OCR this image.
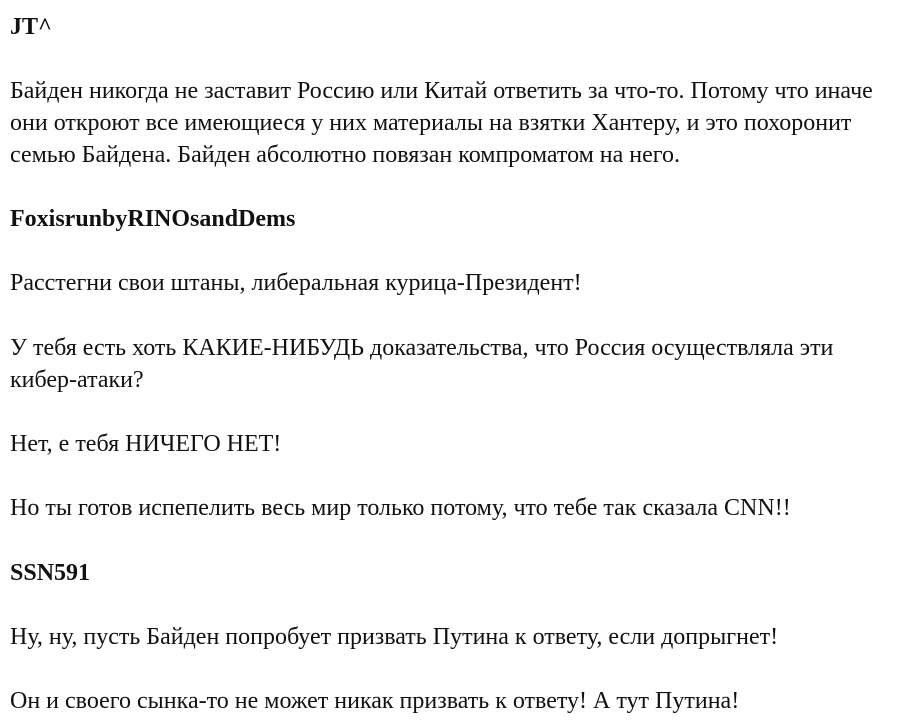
JT^
Байден никогда не заставит Россию или Китай ответить за что-то. Потому что иначе они откроют все имеющиеся у них материалы на взятки Хантеру, и это похоронит семью Байдена. Байден абсолютно повязан компроматом на него.
FoxisrunbyRINOsandDems
Расстегни свои штаны, либеральная курица-Президент!
У тебя есть хоть КАКИЕ-НИБУДЬ доказательства, что Россия осуществляла эти кибер-атаки?
Нет, е тебя НИЧЕГО НЕТ!
Но ты готов испепелить весь мир только потому, что тебе так сказала CNN!!
SSN591
Ну, ну, пусть Байден попробует призвать Путина к ответу, если допрыгнет!
Он и своего сынка-то не может никак призвать к ответу! А тут Путина!
